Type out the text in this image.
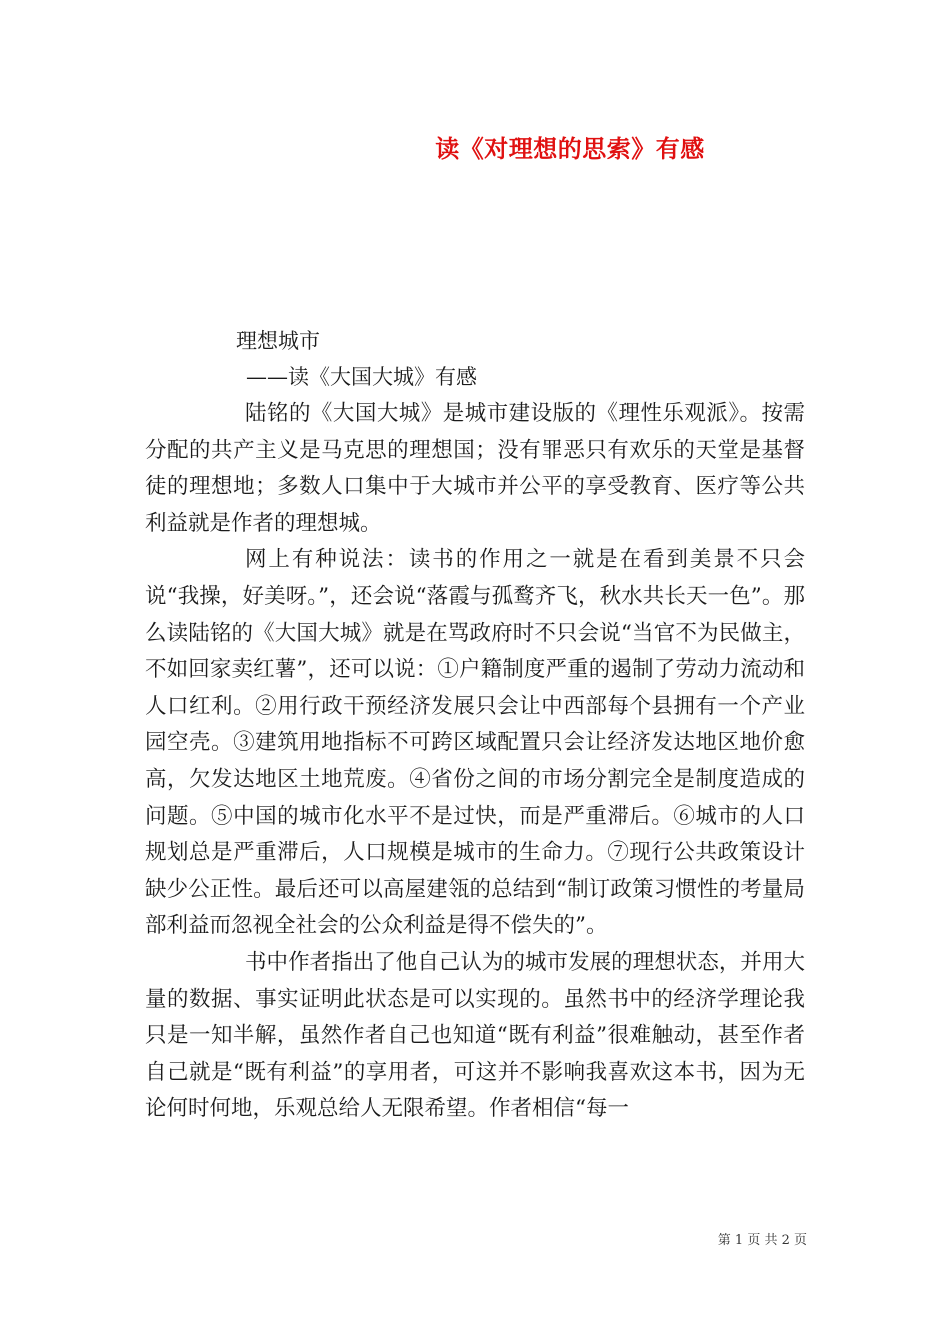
读《对理想的思索》有感
理想城市
——读《大国大城》有感

陆铭的《大国大城》是城市建设版的《理性乐观派》。按需分配的共产主义是马克思的理想国；没有罪恶只有欢乐的天堂是基督徒的理想地；多数人口集中于大城市并公平的享受教育、医疗等公共利益就是作者的理想城。

网上有种说法：读书的作用之一就是在看到美景不只会说“我操，好美呀。”，还会说“落霞与孤鹜齐飞，秋水共长天一色”。那么读陆铭的《大国大城》就是在骂政府时不只会说“当官不为民做主，不如回家卖红薯”，还可以说：①户籍制度严重的遏制了劳动力流动和人口红利。②用行政干预经济发展只会让中西部每个县拥有一个产业园空壳。③建筑用地指标不可跨区域配置只会让经济发达地区地价愈高，欠发达地区土地荒废。④省份之间的市场分割完全是制度造成的问题。⑤中国的城市化水平不是过快，而是严重滞后。⑥城市的人口规划总是严重滞后，人口规模是城市的生命力。⑦现行公共政策设计缺少公正性。最后还可以高屋建瓴的总结到“制订政策习惯性的考量局部利益而忽视全社会的公众利益是得不偿失的”。

书中作者指出了他自己认为的城市发展的理想状态，并用大量的数据、事实证明此状态是可以实现的。虽然书中的经济学理论我只是一知半解，虽然作者自己也知道“既有利益”很难触动，甚至作者自己就是“既有利益”的享用者，可这并不影响我喜欢这本书，因为无论何时何地，乐观总给人无限希望。作者相信“每一

第 1 页 共 2 页
